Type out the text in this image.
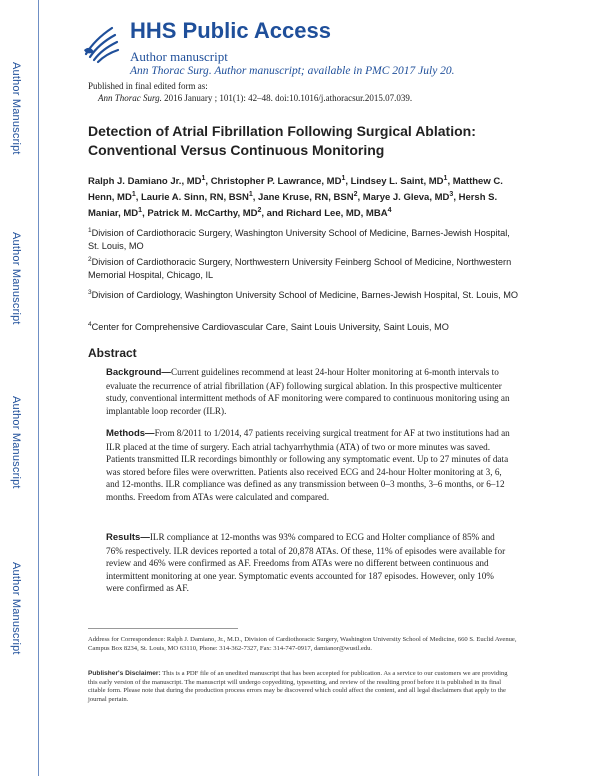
Author Manuscript
Author Manuscript
Author Manuscript
Author Manuscript
HHS Public Access
Author manuscript
Ann Thorac Surg. Author manuscript; available in PMC 2017 July 20.
Published in final edited form as:
Ann Thorac Surg. 2016 January ; 101(1): 42–48. doi:10.1016/j.athoracsur.2015.07.039.
Detection of Atrial Fibrillation Following Surgical Ablation: Conventional Versus Continuous Monitoring
Ralph J. Damiano Jr., $MD^1$, Christopher P. Lawrance, $MD^1$, Lindsey L. Saint, $MD^1$, Matthew C. Henn, $MD^1$, Laurie A. Sinn, RN, BSN$^1$, Jane Kruse, RN, BSN$^2$, Marye J. Gleva, $MD^3$, Hersh S. Maniar, $MD^1$, Patrick M. McCarthy, $MD^2$, and Richard Lee, MD, MBA$^4$
$^1$Division of Cardiothoracic Surgery, Washington University School of Medicine, Barnes-Jewish Hospital, St. Louis, MO
$^2$Division of Cardiothoracic Surgery, Northwestern University Feinberg School of Medicine, Northwestern Memorial Hospital, Chicago, IL
$^3$Division of Cardiology, Washington University School of Medicine, Barnes-Jewish Hospital, St. Louis, MO
$^4$Center for Comprehensive Cardiovascular Care, Saint Louis University, Saint Louis, MO
Abstract
Background—Current guidelines recommend at least 24-hour Holter monitoring at 6-month intervals to evaluate the recurrence of atrial fibrillation (AF) following surgical ablation. In this prospective multicenter study, conventional intermittent methods of AF monitoring were compared to continuous monitoring using an implantable loop recorder (ILR).
Methods—From 8/2011 to 1/2014, 47 patients receiving surgical treatment for AF at two institutions had an ILR placed at the time of surgery. Each atrial tachyarrhythmia (ATA) of two or more minutes was saved. Patients transmitted ILR recordings bimonthly or following any symptomatic event. Up to 27 minutes of data was stored before files were overwritten. Patients also received ECG and 24-hour Holter monitoring at 3, 6, and 12-months. ILR compliance was defined as any transmission between 0–3 months, 3–6 months, or 6–12 months. Freedom from ATAs were calculated and compared.
Results—ILR compliance at 12-months was 93% compared to ECG and Holter compliance of 85% and 76% respectively. ILR devices reported a total of 20,878 ATAs. Of these, 11% of episodes were available for review and 46% were confirmed as AF. Freedoms from ATAs were no different between continuous and intermittent monitoring at one year. Symptomatic events accounted for 187 episodes. However, only 10% were confirmed as AF.
Address for Correspondence: Ralph J. Damiano, Jr., M.D., Division of Cardiothoracic Surgery, Washington University School of Medicine, 660 S. Euclid Avenue, Campus Box 8234, St. Louis, MO 63110, Phone: 314-362-7327, Fax: 314-747-0917, damianor@wustl.edu.
Publisher's Disclaimer: This is a PDF file of an unedited manuscript that has been accepted for publication. As a service to our customers we are providing this early version of the manuscript. The manuscript will undergo copyediting, typesetting, and review of the resulting proof before it is published in its final citable form. Please note that during the production process errors may be discovered which could affect the content, and all legal disclaimers that apply to the journal pertain.
